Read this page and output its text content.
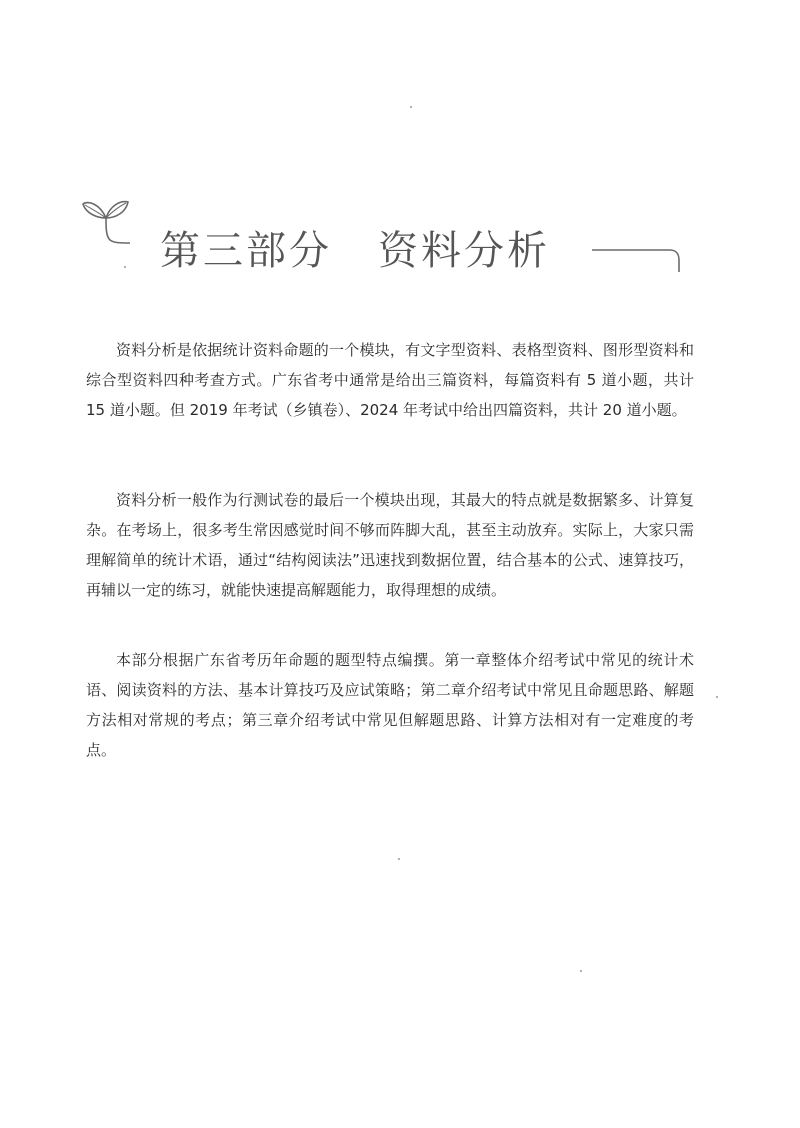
第三部分 资料分析

资料分析是依据统计资料命题的一个模块，有文字型资料、表格型资料、图形型资料和综合型资料四种考查方式。广东省考中通常是给出三篇资料，每篇资料有 5 道小题，共计 15 道小题。但 2019 年考试（乡镇卷）、2024 年考试中给出四篇资料，共计 20 道小题。

资料分析一般作为行测试卷的最后一个模块出现，其最大的特点就是数据繁多、计算复杂。在考场上，很多考生常因感觉时间不够而阵脚大乱，甚至主动放弃。实际上，大家只需理解简单的统计术语，通过“结构阅读法”迅速找到数据位置，结合基本的公式、速算技巧，再辅以一定的练习，就能快速提高解题能力，取得理想的成绩。

本部分根据广东省考历年命题的题型特点编撰。第一章整体介绍考试中常见的统计术语、阅读资料的方法、基本计算技巧及应试策略；第二章介绍考试中常见且命题思路、解题方法相对常规的考点；第三章介绍考试中常见但解题思路、计算方法相对有一定难度的考点。
